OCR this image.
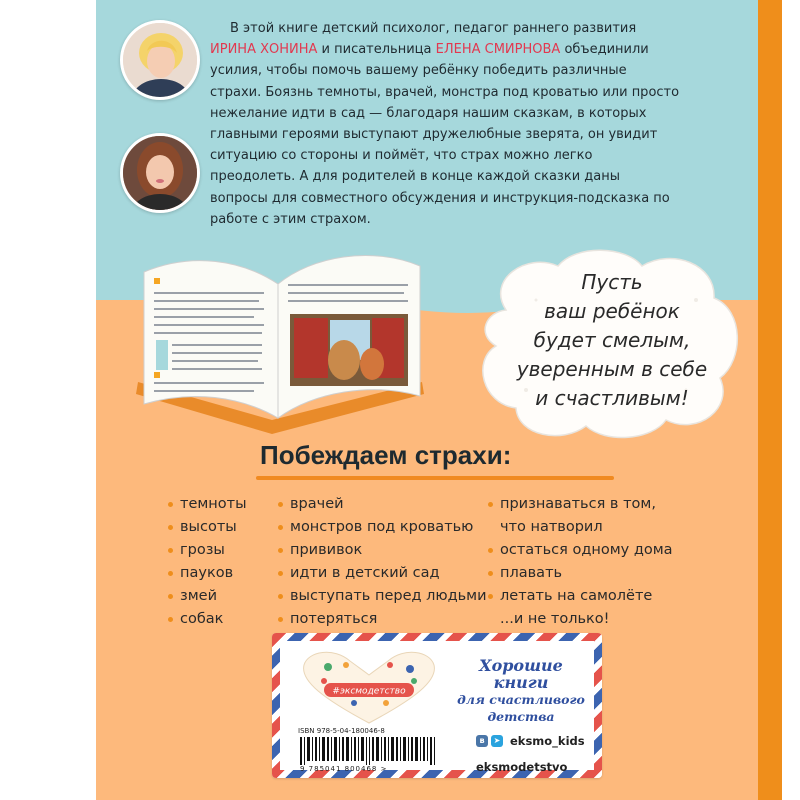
В этой книге детский психолог, педагог раннего развития
ИРИНА ХОНИНА и писательница ЕЛЕНА СМИРНОВА объединили усилия, чтобы помочь вашему ребёнку победить различные страхи. Боязнь темноты, врачей, монстра под кроватью или просто нежелание идти в сад — благодаря нашим сказкам, в которых главными героями выступают дружелюбные зверята, он увидит ситуацию со стороны и поймёт, что страх можно легко преодолеть. А для родителей в конце каждой сказки даны вопросы для совместного обсуждения и инструкция-подсказка по работе с этим страхом.
Пусть
ваш ребёнок
будет смелым,
уверенным в себе
и счастливым!
Побеждаем страхи:
темноты
высоты
грозы
пауков
змей
собак
врачей
монстров под кроватью
прививок
идти в детский сад
выступать перед людьми
потеряться
признаваться в том,
что натворил
остаться одному дома
плавать
летать на самолёте
...и не только!
#эксмодетство
Хорошие
книги
для счастливого
детства
ISBN 978-5-04-180046-8
9 785041 800468 >
в	➤ eksmo_kids
eksmodetstvo
